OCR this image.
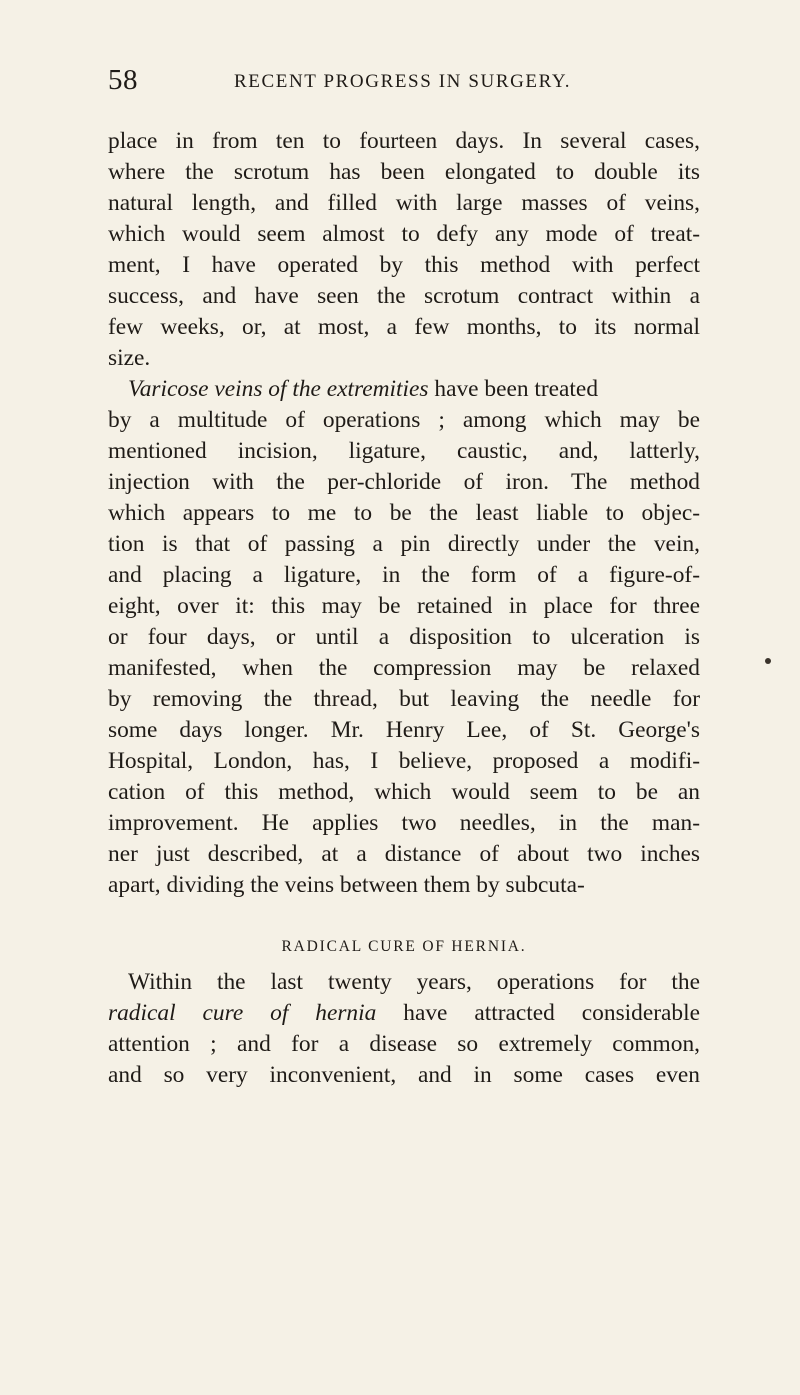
58	RECENT PROGRESS IN SURGERY.
place in from ten to fourteen days. In several cases,
where the scrotum has been elongated to double its
natural length, and filled with large masses of veins,
which would seem almost to defy any mode of treat-
ment, I have operated by this method with perfect
success, and have seen the scrotum contract within a
few weeks, or, at most, a few months, to its normal
size.
Varicose veins of the extremities have been treated
by a multitude of operations ; among which may be
mentioned incision, ligature, caustic, and, latterly,
injection with the per-chloride of iron. The method
which appears to me to be the least liable to objec-
tion is that of passing a pin directly under the vein,
and placing a ligature, in the form of a figure-of-
eight, over it: this may be retained in place for three
or four days, or until a disposition to ulceration is
manifested, when the compression may be relaxed
by removing the thread, but leaving the needle for
some days longer. Mr. Henry Lee, of St. George's
Hospital, London, has, I believe, proposed a modifi-
cation of this method, which would seem to be an
improvement. He applies two needles, in the man-
ner just described, at a distance of about two inches
apart, dividing the veins between them by subcuta-
RADICAL CURE OF HERNIA.
Within the last twenty years, operations for the
radical cure of hernia have attracted considerable
attention ; and for a disease so extremely common,
and so very inconvenient, and in some cases even
